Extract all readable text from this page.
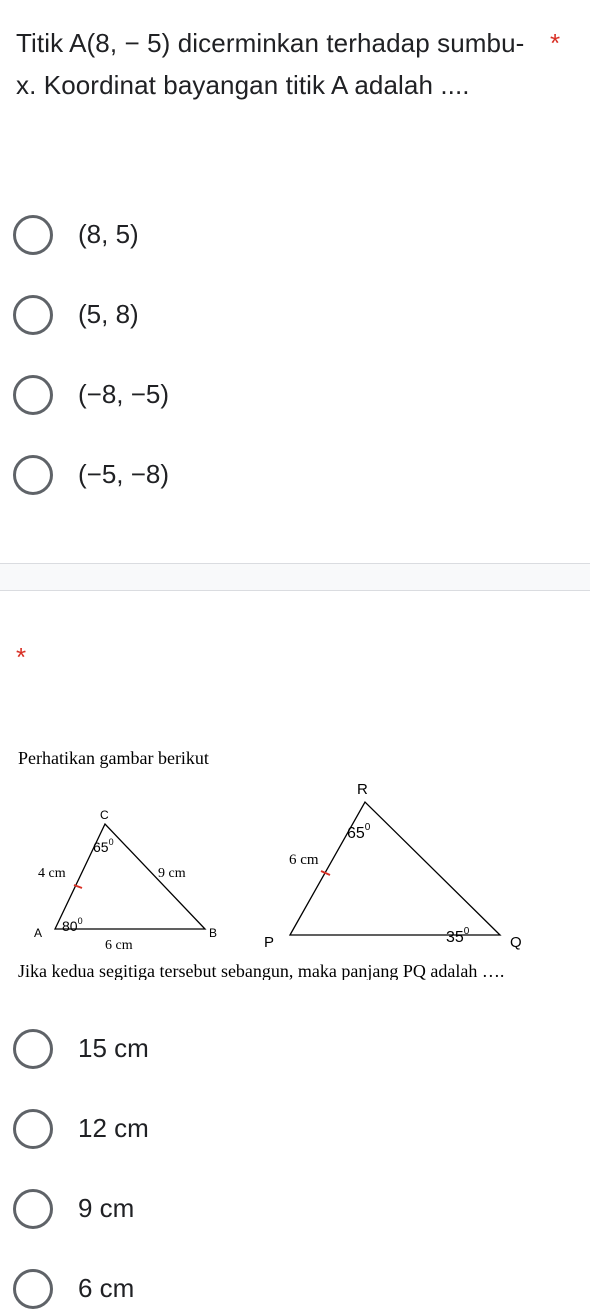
Titik A(8, − 5) dicerminkan terhadap sumbu-x. Koordinat bayangan titik A adalah ....
*
(8, 5)
(5, 8)
(−8, −5)
(−5, −8)
*
Perhatikan gambar berikut
C
A	B
4 cm	9 cm
6 cm
$65^0$
$80^0$
R
P	Q
6 cm
$65^0$
$35^0$
Jika kedua segitiga tersebut sebangun, maka panjang PQ adalah ….
15 cm
12 cm
9 cm
6 cm
